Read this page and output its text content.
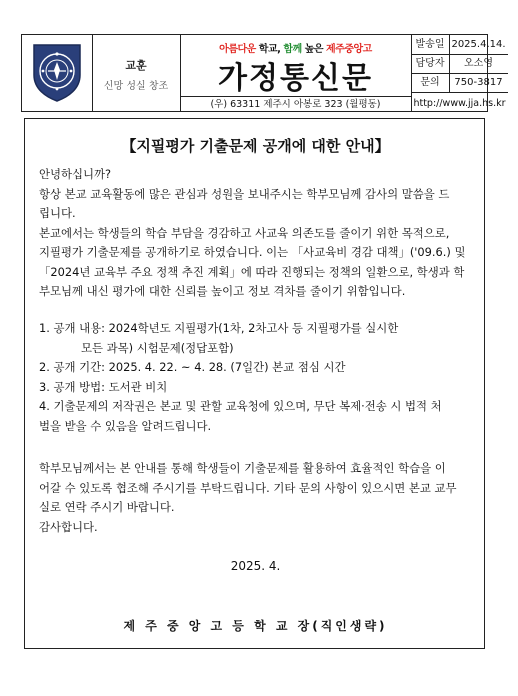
교훈
신망 성실 창조
아름다운 학교, 함께 높은 제주중앙고
가정통신문
(우) 63311 제주시 아봉로 323 (월평동)
발송일 2025.4.14.
담당자	오소영
문의	750-3817
http://www.jja.hs.kr
【지필평가 기출문제 공개에 대한 안내】
안녕하십니까?
항상 본교 교육활동에 많은 관심과 성원을 보내주시는 학부모님께 감사의 말씀을 드
립니다.
본교에서는 학생들의 학습 부담을 경감하고 사교육 의존도를 줄이기 위한 목적으로,
지필평가 기출문제를 공개하기로 하였습니다. 이는 「사교육비 경감 대책」('09.6.) 및
「2024년 교육부 주요 정책 추진 계획」에 따라 진행되는 정책의 일환으로, 학생과 학
부모님께 내신 평가에 대한 신뢰를 높이고 정보 격차를 줄이기 위함입니다.
1. 공개 내용: 2024학년도 지필평가(1차, 2차고사 등 지필평가를 실시한
모든 과목) 시험문제(정답포함)
2. 공개 기간: 2025. 4. 22. ~ 4. 28. (7일간) 본교 점심 시간
3. 공개 방법: 도서관 비치
4. 기출문제의 저작권은 본교 및 관할 교육청에 있으며, 무단 복제·전송 시 법적 처
벌을 받을 수 있음을 알려드립니다.
학부모님께서는 본 안내를 통해 학생들이 기출문제를 활용하여 효율적인 학습을 이
어갈 수 있도록 협조해 주시기를 부탁드립니다. 기타 문의 사항이 있으시면 본교 교무
실로 연락 주시기 바랍니다.
감사합니다.
2025. 4.
제 주 중 앙 고 등 학 교 장(직인생략)
